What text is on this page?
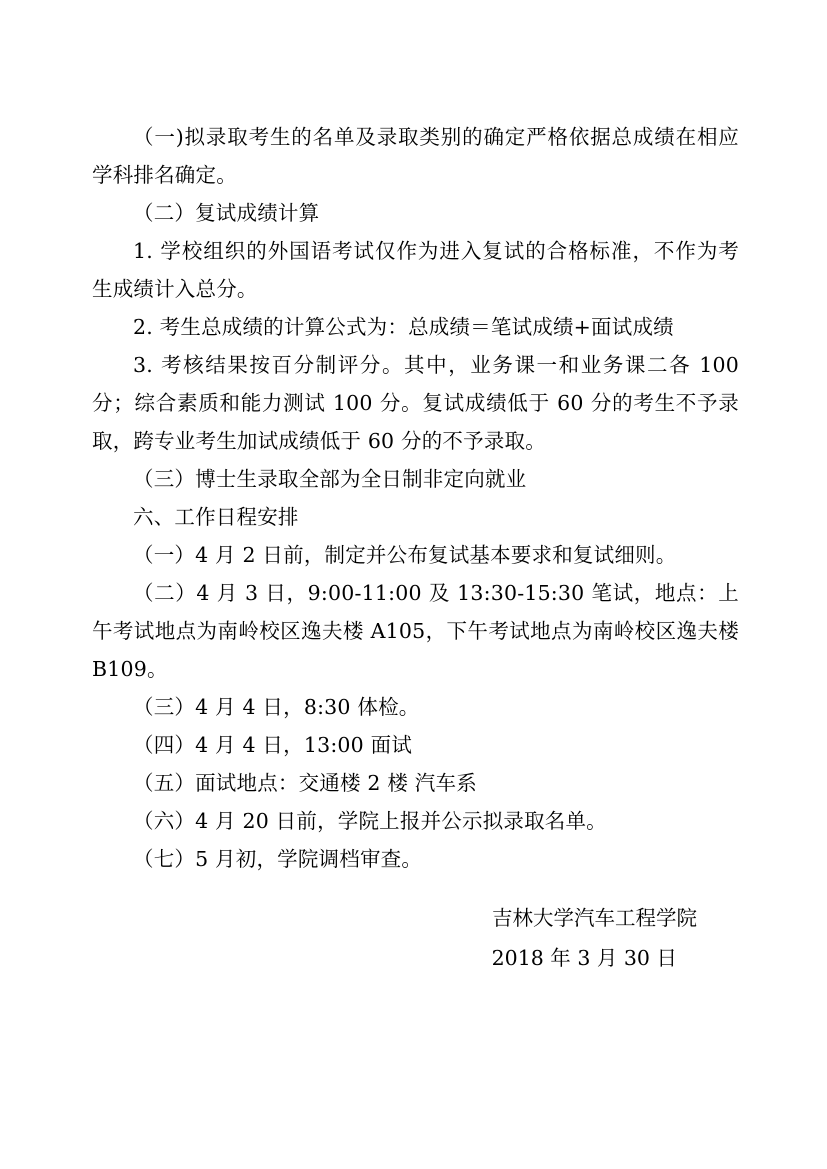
（一)拟录取考生的名单及录取类别的确定严格依据总成绩在相应学科排名确定。

（二）复试成绩计算

1. 学校组织的外国语考试仅作为进入复试的合格标准，不作为考生成绩计入总分。

2. 考生总成绩的计算公式为：总成绩＝笔试成绩+面试成绩

3. 考核结果按百分制评分。其中，业务课一和业务课二各 100 分；综合素质和能力测试 100 分。复试成绩低于 60 分的考生不予录取，跨专业考生加试成绩低于 60 分的不予录取。

（三）博士生录取全部为全日制非定向就业

六、工作日程安排

（一）4 月 2 日前，制定并公布复试基本要求和复试细则。

（二）4 月 3 日，9:00-11:00 及 13:30-15:30 笔试，地点：上午考试地点为南岭校区逸夫楼 A105，下午考试地点为南岭校区逸夫楼 B109。

（三）4 月 4 日，8:30 体检。

（四）4 月 4 日，13:00 面试

（五）面试地点：交通楼 2 楼 汽车系

（六）4 月 20 日前，学院上报并公示拟录取名单。

（七）5 月初，学院调档审查。

吉林大学汽车工程学院

2018 年 3 月 30 日
